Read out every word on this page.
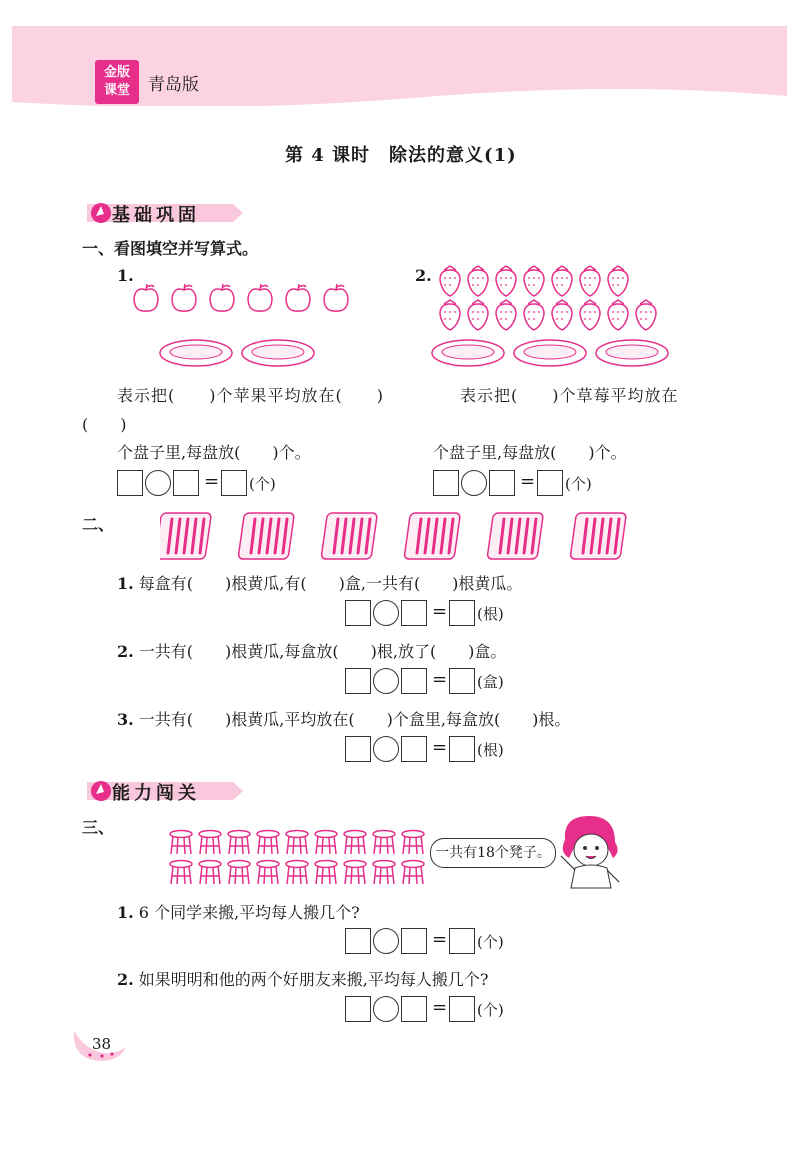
金版
课堂	青岛版
第 4 课时　除法的意义(1)
基础巩固
一、看图填空并写算式。
1.
表示把(　　)个苹果平均放在(　　)
(　　)
个盘子里,每盘放(　　)个。
= (个)
2.
表示把(　　)个草莓平均放在
个盘子里,每盘放(　　)个。
= (个)
二、
1. 每盒有(　　)根黄瓜,有(　　)盒,一共有(　　)根黄瓜。
= (根)
2. 一共有(　　)根黄瓜,每盒放(　　)根,放了(　　)盒。
= (盒)
3. 一共有(　　)根黄瓜,平均放在(　　)个盒里,每盒放(　　)根。
= (根)
能力闯关
三、
一共有18个凳子。
1. 6 个同学来搬,平均每人搬几个?
= (个)
2. 如果明明和他的两个好朋友来搬,平均每人搬几个?
= (个)
38
